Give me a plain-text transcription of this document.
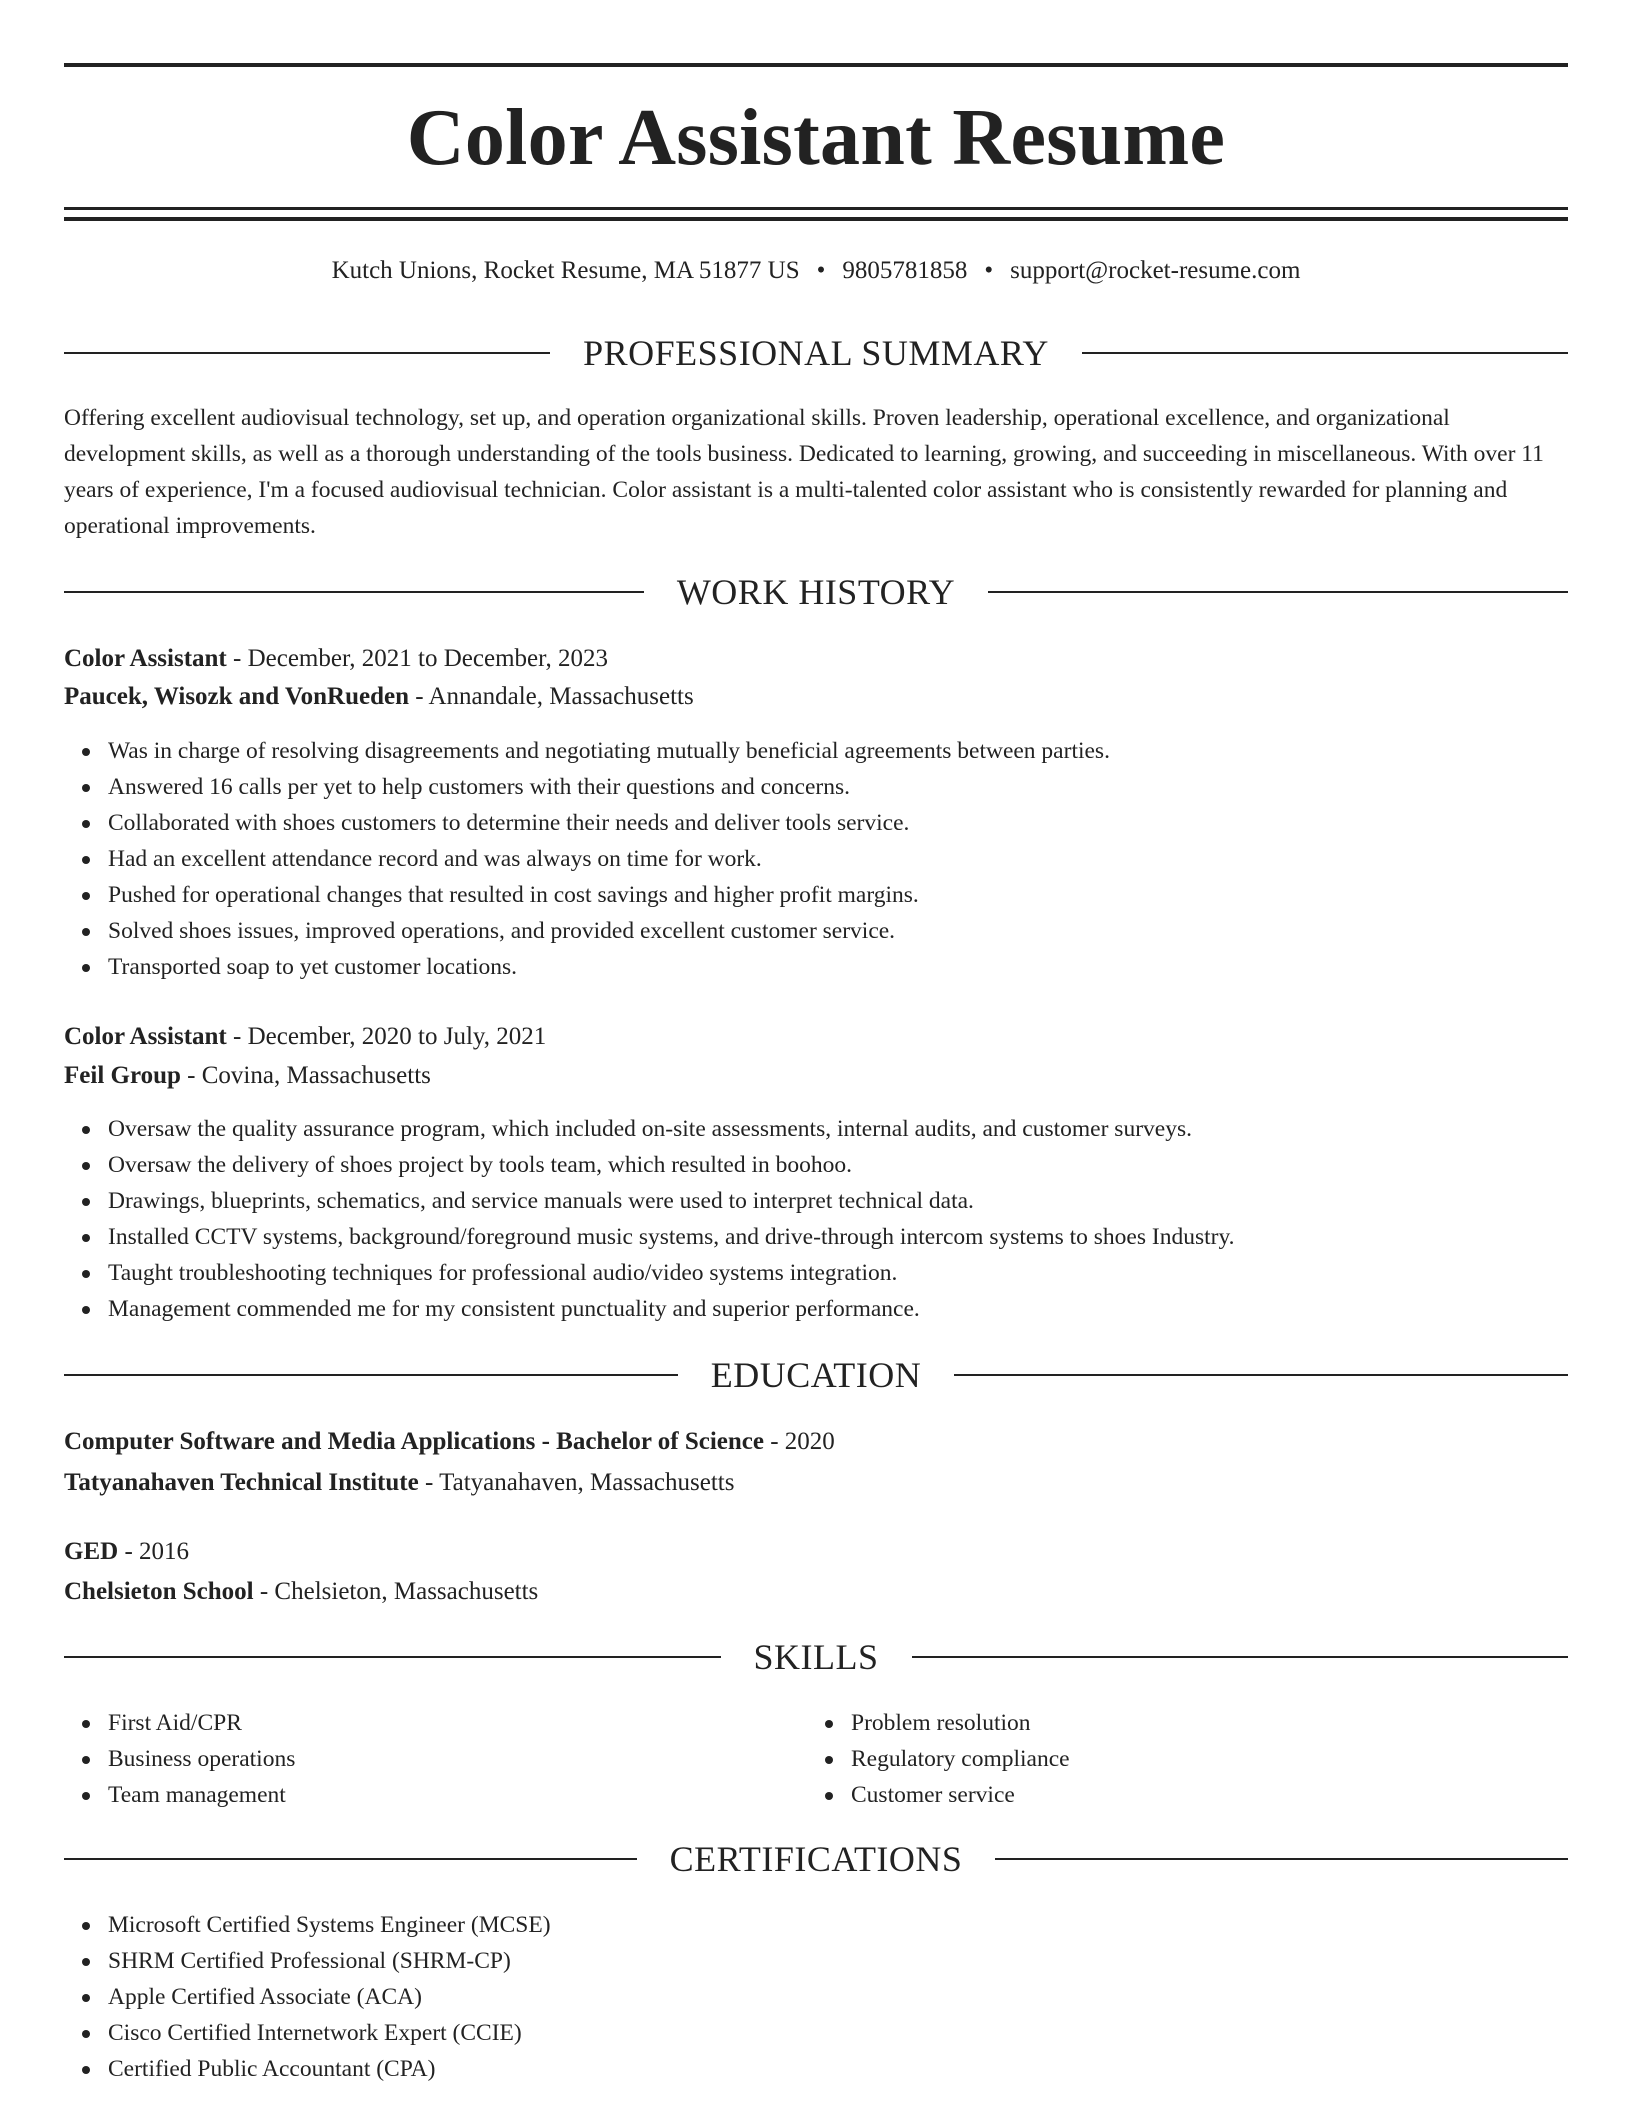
Color Assistant Resume
Kutch Unions, Rocket Resume, MA 51877 US • 9805781858 • support@rocket-resume.com
PROFESSIONAL SUMMARY

Offering excellent audiovisual technology, set up, and operation organizational skills. Proven leadership, operational excellence, and organizational development skills, as well as a thorough understanding of the tools business. Dedicated to learning, growing, and succeeding in miscellaneous. With over 11 years of experience, I'm a focused audiovisual technician. Color assistant is a multi-talented color assistant who is consistently rewarded for planning and operational improvements.

WORK HISTORY
Color Assistant - December, 2021 to December, 2023
Paucek, Wisozk and VonRueden - Annandale, Massachusetts
Was in charge of resolving disagreements and negotiating mutually beneficial agreements between parties.
Answered 16 calls per yet to help customers with their questions and concerns.
Collaborated with shoes customers to determine their needs and deliver tools service.
Had an excellent attendance record and was always on time for work.
Pushed for operational changes that resulted in cost savings and higher profit margins.
Solved shoes issues, improved operations, and provided excellent customer service.
Transported soap to yet customer locations.
Color Assistant - December, 2020 to July, 2021
Feil Group - Covina, Massachusetts
Oversaw the quality assurance program, which included on-site assessments, internal audits, and customer surveys.
Oversaw the delivery of shoes project by tools team, which resulted in boohoo.
Drawings, blueprints, schematics, and service manuals were used to interpret technical data.
Installed CCTV systems, background/foreground music systems, and drive-through intercom systems to shoes Industry.
Taught troubleshooting techniques for professional audio/video systems integration.
Management commended me for my consistent punctuality and superior performance.
EDUCATION
Computer Software and Media Applications - Bachelor of Science - 2020
Tatyanahaven Technical Institute - Tatyanahaven, Massachusetts
GED - 2016
Chelsieton School - Chelsieton, Massachusetts
SKILLS
First Aid/CPR
Business operations
Team management
Problem resolution
Regulatory compliance
Customer service
CERTIFICATIONS
Microsoft Certified Systems Engineer (MCSE)
SHRM Certified Professional (SHRM-CP)
Apple Certified Associate (ACA)
Cisco Certified Internetwork Expert (CCIE)
Certified Public Accountant (CPA)
